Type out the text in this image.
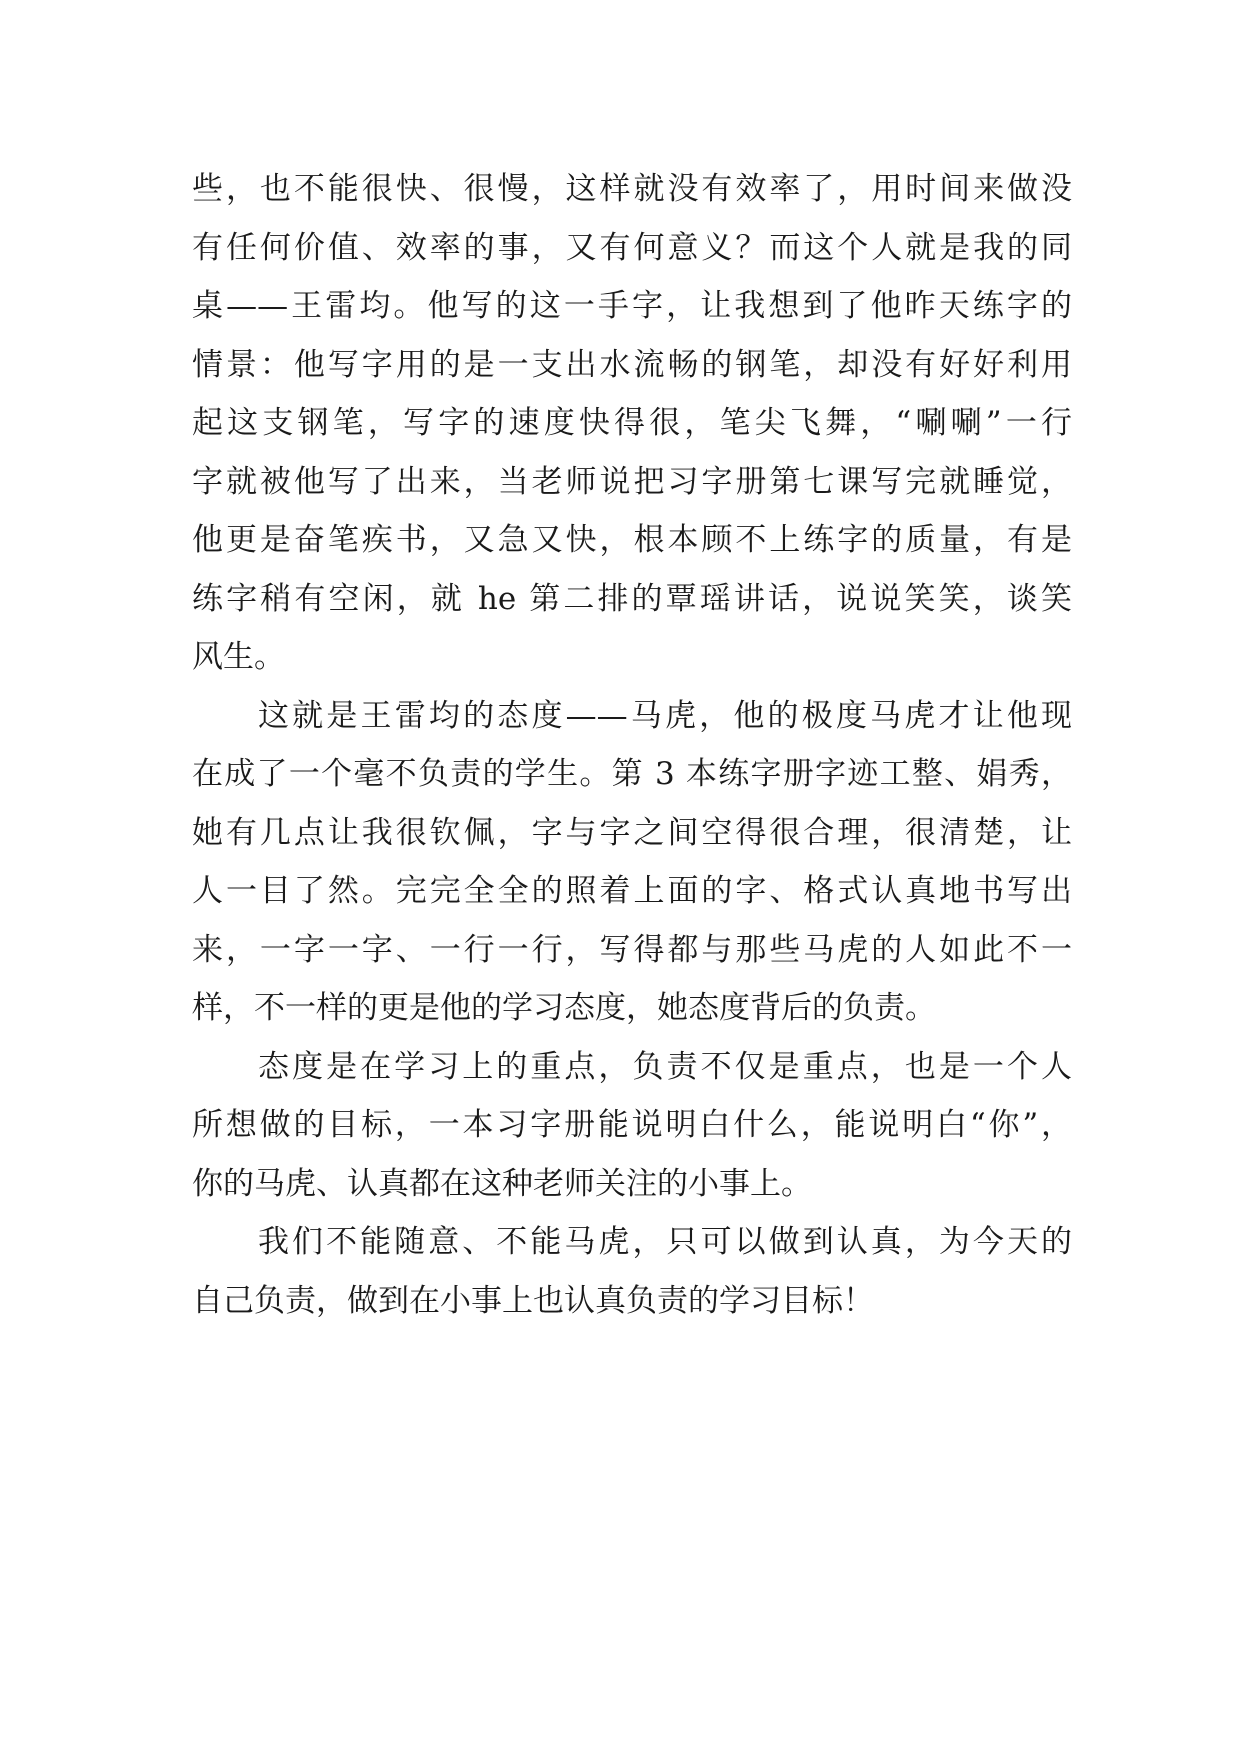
些，也不能很快、很慢，这样就没有效率了，用时间来做没
有任何价值、效率的事，又有何意义？而这个人就是我的同
桌——王雷均。他写的这一手字，让我想到了他昨天练字的
情景：他写字用的是一支出水流畅的钢笔，却没有好好利用
起这支钢笔，写字的速度快得很，笔尖飞舞，“唰唰”一行
字就被他写了出来，当老师说把习字册第七课写完就睡觉，
他更是奋笔疾书，又急又快，根本顾不上练字的质量，有是
练字稍有空闲，就 he 第二排的覃瑶讲话，说说笑笑，谈笑
风生。
这就是王雷均的态度——马虎，他的极度马虎才让他现
在成了一个毫不负责的学生。第 3 本练字册字迹工整、娟秀，
她有几点让我很钦佩，字与字之间空得很合理，很清楚，让
人一目了然。完完全全的照着上面的字、格式认真地书写出
来，一字一字、一行一行，写得都与那些马虎的人如此不一
样，不一样的更是他的学习态度，她态度背后的负责。
态度是在学习上的重点，负责不仅是重点，也是一个人
所想做的目标，一本习字册能说明白什么，能说明白“你”，
你的马虎、认真都在这种老师关注的小事上。
我们不能随意、不能马虎，只可以做到认真，为今天的
自己负责，做到在小事上也认真负责的学习目标！
